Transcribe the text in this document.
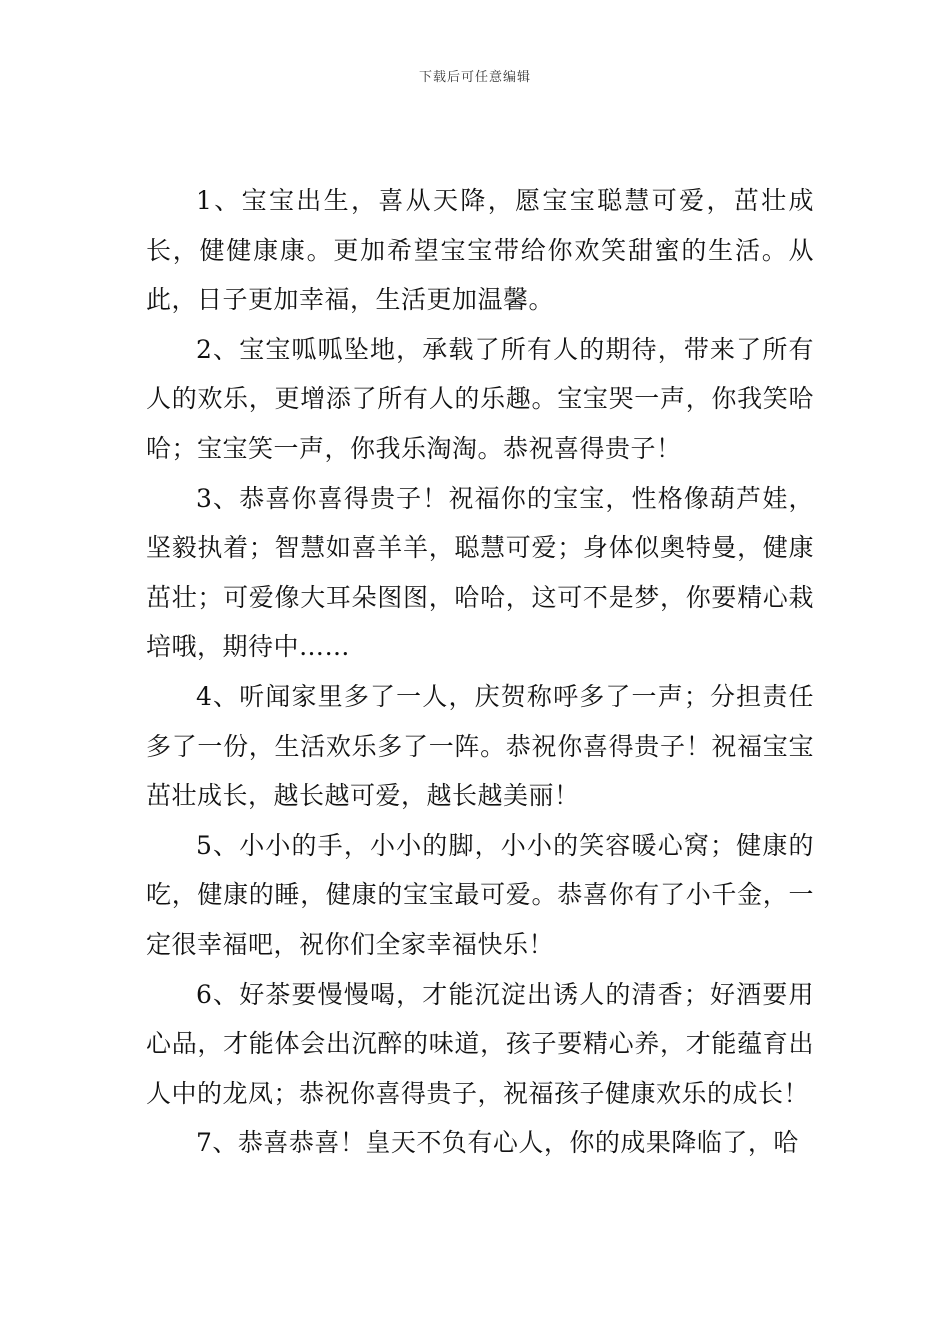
下载后可任意编辑

1、宝宝出生，喜从天降，愿宝宝聪慧可爱，茁壮成长，健健康康。更加希望宝宝带给你欢笑甜蜜的生活。从此，日子更加幸福，生活更加温馨。

2、宝宝呱呱坠地，承载了所有人的期待，带来了所有人的欢乐，更增添了所有人的乐趣。宝宝哭一声，你我笑哈哈；宝宝笑一声，你我乐淘淘。恭祝喜得贵子！

3、恭喜你喜得贵子！祝福你的宝宝，性格像葫芦娃，坚毅执着；智慧如喜羊羊，聪慧可爱；身体似奥特曼，健康茁壮；可爱像大耳朵图图，哈哈，这可不是梦，你要精心栽培哦，期待中……

4、听闻家里多了一人，庆贺称呼多了一声；分担责任多了一份，生活欢乐多了一阵。恭祝你喜得贵子！祝福宝宝茁壮成长，越长越可爱，越长越美丽！

5、小小的手，小小的脚，小小的笑容暖心窝；健康的吃，健康的睡，健康的宝宝最可爱。恭喜你有了小千金，一定很幸福吧，祝你们全家幸福快乐！

6、好茶要慢慢喝，才能沉淀出诱人的清香；好酒要用心品，才能体会出沉醉的味道，孩子要精心养，才能蕴育出人中的龙凤；恭祝你喜得贵子，祝福孩子健康欢乐的成长！

7、恭喜恭喜！皇天不负有心人，你的成果降临了，哈
